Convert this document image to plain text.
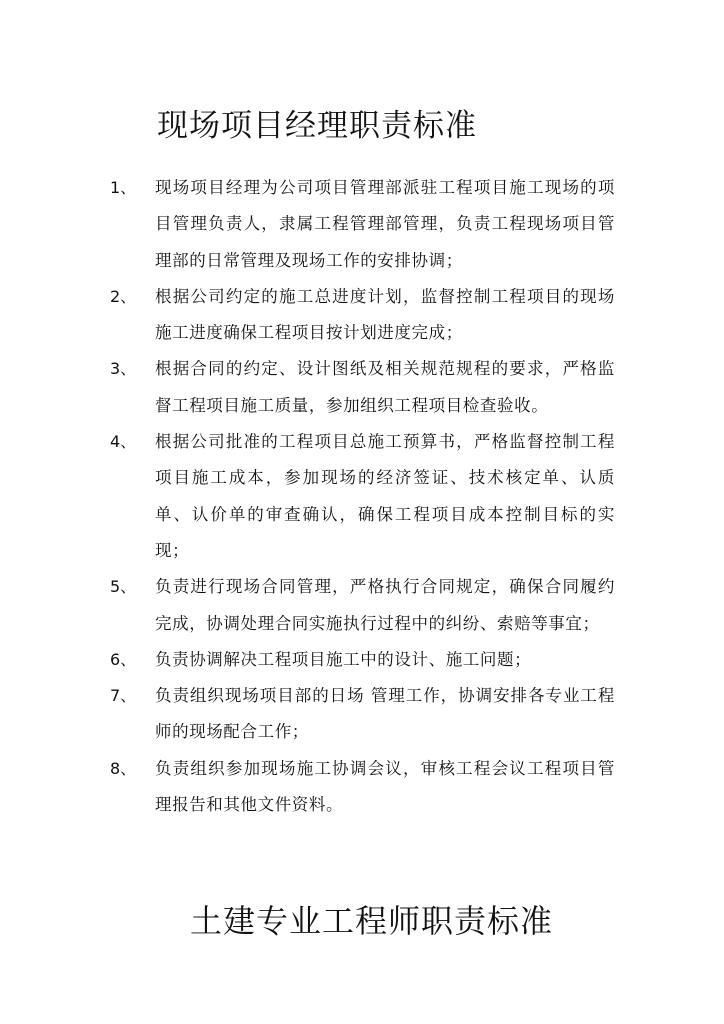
现场项目经理职责标准
1、 现场项目经理为公司项目管理部派驻工程项目施工现场的项目管理负责人，隶属工程管理部管理，负责工程现场项目管理部的日常管理及现场工作的安排协调；
2、 根据公司约定的施工总进度计划，监督控制工程项目的现场施工进度确保工程项目按计划进度完成；
3、 根据合同的约定、设计图纸及相关规范规程的要求，严格监督工程项目施工质量，参加组织工程项目检查验收。
4、 根据公司批准的工程项目总施工预算书，严格监督控制工程项目施工成本，参加现场的经济签证、技术核定单、认质单、认价单的审查确认，确保工程项目成本控制目标的实现；
5、 负责进行现场合同管理，严格执行合同规定，确保合同履约完成，协调处理合同实施执行过程中的纠纷、索赔等事宜；
6、 负责协调解决工程项目施工中的设计、施工问题；
7、 负责组织现场项目部的日场 管理工作，协调安排各专业工程师的现场配合工作；
8、 负责组织参加现场施工协调会议，审核工程会议工程项目管理报告和其他文件资料。
土建专业工程师职责标准
